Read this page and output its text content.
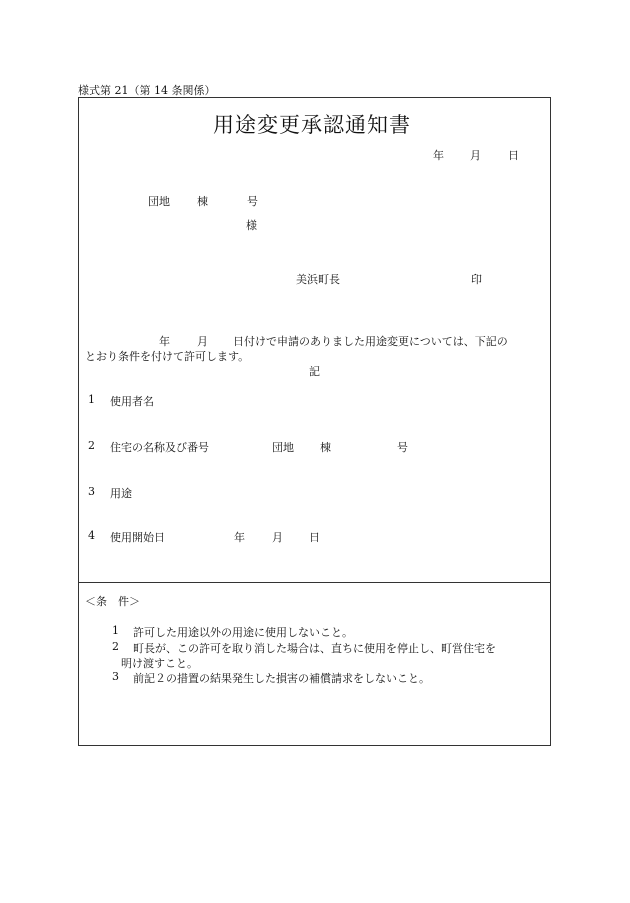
様式第 21（第 14 条関係）
用途変更承認通知書
年 月 日
団地 棟	号
様
美浜町長	印
年 月 日付けで申請のありました用途変更については、下記の
とおり条件を付けて許可します。
記
1 使用者名
2 住宅の名称及び番号	団地 棟	号
3 用途
4 使用開始日	年 月 日
＜条　件＞
1 許可した用途以外の用途に使用しないこと。
2 町長が、この許可を取り消した場合は、直ちに使用を停止し、町営住宅を
明け渡すこと。
3 前記２の措置の結果発生した損害の補償請求をしないこと。
